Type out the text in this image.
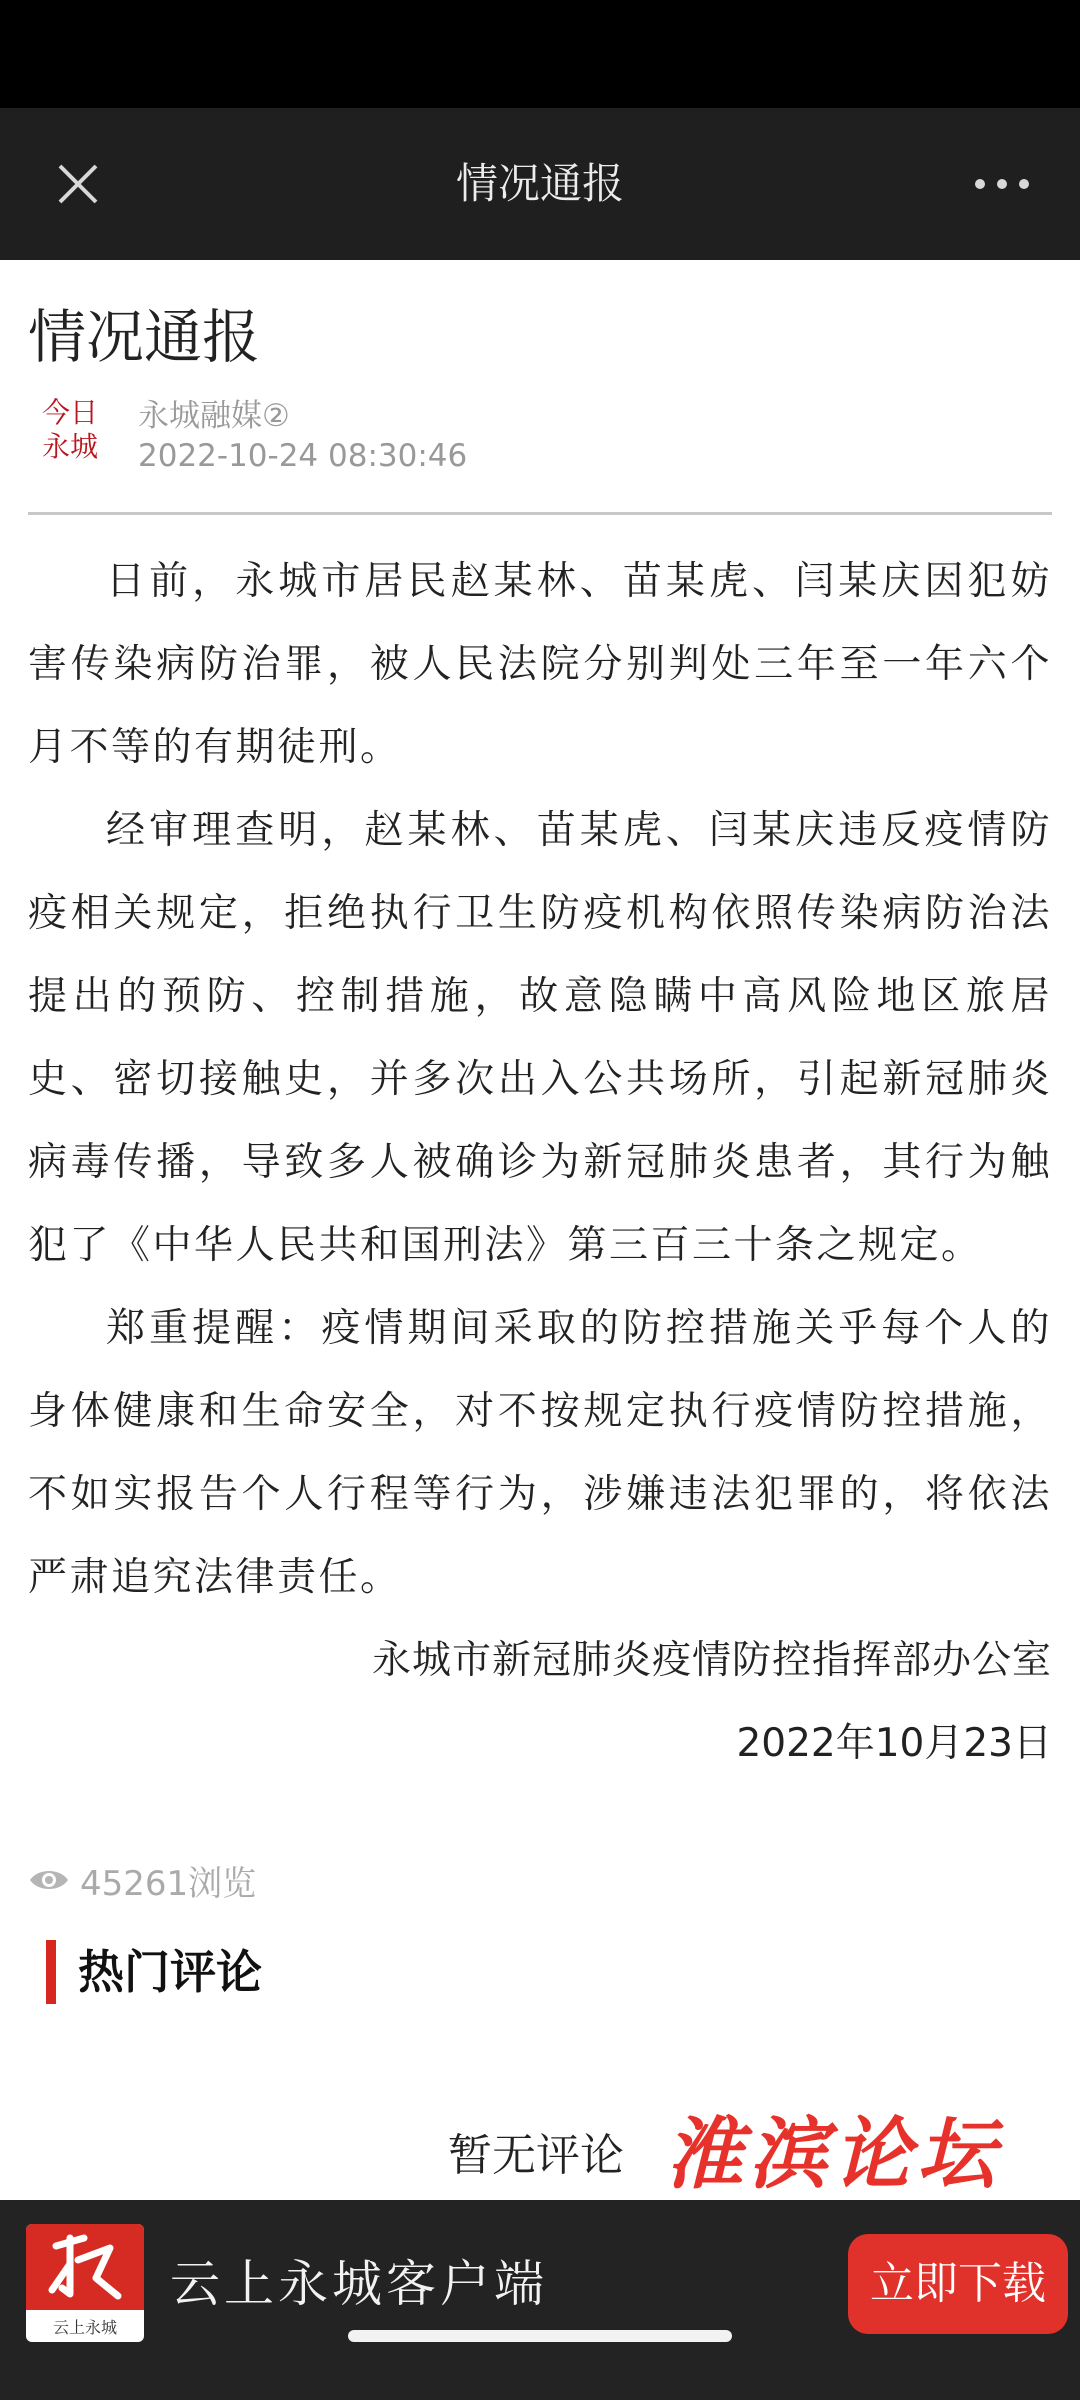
情况通报
情况通报
今日
永城
永城融媒②
2022-10-24 08:30:46

日前，永城市居民赵某林、苗某虎、闫某庆因犯妨害传染病防治罪，被人民法院分别判处三年至一年六个月不等的有期徒刑。

经审理查明，赵某林、苗某虎、闫某庆违反疫情防疫相关规定，拒绝执行卫生防疫机构依照传染病防治法提出的预防、控制措施，故意隐瞒中高风险地区旅居史、密切接触史，并多次出入公共场所，引起新冠肺炎病毒传播，导致多人被确诊为新冠肺炎患者，其行为触犯了《中华人民共和国刑法》第三百三十条之规定。

郑重提醒：疫情期间采取的防控措施关乎每个人的身体健康和生命安全，对不按规定执行疫情防控措施，不如实报告个人行程等行为，涉嫌违法犯罪的，将依法严肃追究法律责任。

永城市新冠肺炎疫情防控指挥部办公室

2022年10月23日

45261浏览
热门评论
暂无评论 淮滨论坛
云上永城
云上永城客户端	立即下载
